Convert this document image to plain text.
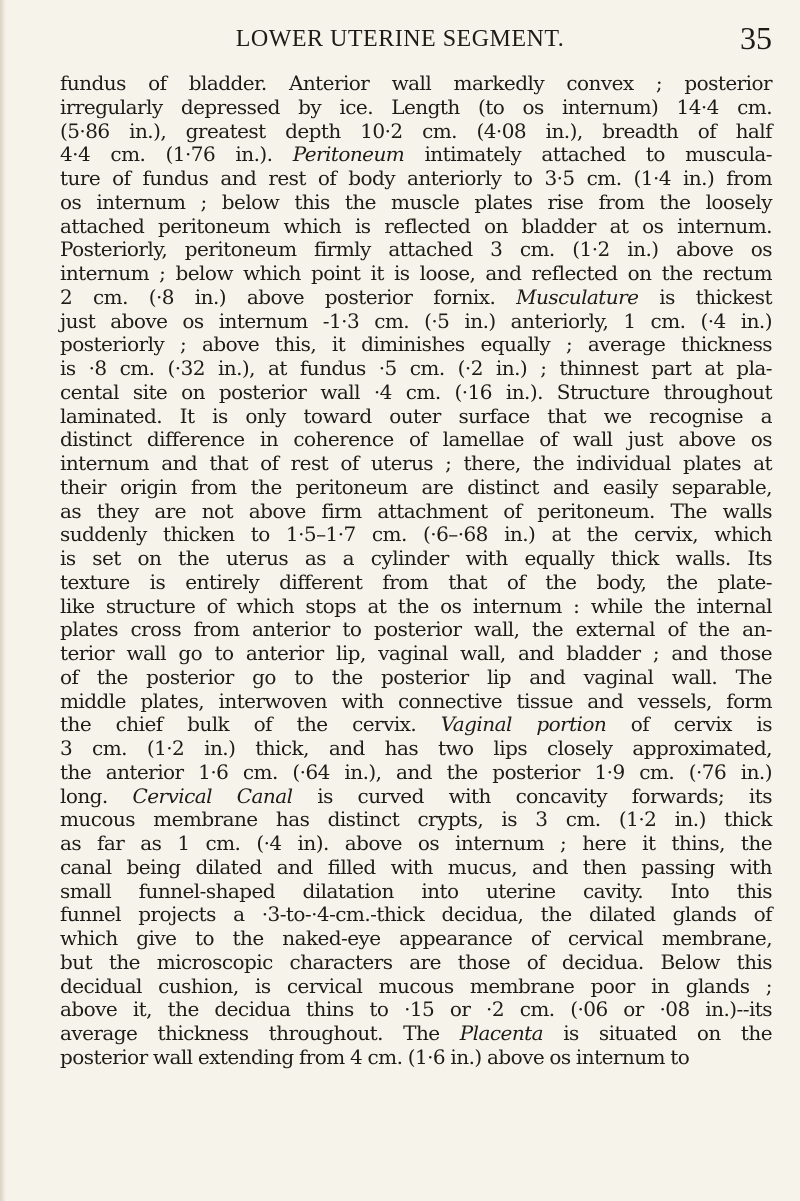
LOWER UTERINE SEGMENT.	35
fundus of bladder. Anterior wall markedly convex ; posterior
irregularly depressed by ice. Length (to os internum) 14·4 cm.
(5·86 in.), greatest depth 10·2 cm. (4·08 in.), breadth of half
4·4 cm. (1·76 in.). Peritoneum intimately attached to muscula-
ture of fundus and rest of body anteriorly to 3·5 cm. (1·4 in.) from
os internum ; below this the muscle plates rise from the loosely
attached peritoneum which is reflected on bladder at os internum.
Posteriorly, peritoneum firmly attached 3 cm. (1·2 in.) above os
internum ; below which point it is loose, and reflected on the rectum
2 cm. (·8 in.) above posterior fornix. Musculature is thickest
just above os internum -1·3 cm. (·5 in.) anteriorly, 1 cm. (·4 in.)
posteriorly ; above this, it diminishes equally ; average thickness
is ·8 cm. (·32 in.), at fundus ·5 cm. (·2 in.) ; thinnest part at pla-
cental site on posterior wall ·4 cm. (·16 in.). Structure throughout
laminated. It is only toward outer surface that we recognise a
distinct difference in coherence of lamellae of wall just above os
internum and that of rest of uterus ; there, the individual plates at
their origin from the peritoneum are distinct and easily separable,
as they are not above firm attachment of peritoneum. The walls
suddenly thicken to 1·5–1·7 cm. (·6–·68 in.) at the cervix, which
is set on the uterus as a cylinder with equally thick walls. Its
texture is entirely different from that of the body, the plate-
like structure of which stops at the os internum : while the internal
plates cross from anterior to posterior wall, the external of the an-
terior wall go to anterior lip, vaginal wall, and bladder ; and those
of the posterior go to the posterior lip and vaginal wall. The
middle plates, interwoven with connective tissue and vessels, form
the chief bulk of the cervix. Vaginal portion of cervix is
3 cm. (1·2 in.) thick, and has two lips closely approximated,
the anterior 1·6 cm. (·64 in.), and the posterior 1·9 cm. (·76 in.)
long. Cervical Canal is curved with concavity forwards; its
mucous membrane has distinct crypts, is 3 cm. (1·2 in.) thick
as far as 1 cm. (·4 in). above os internum ; here it thins, the
canal being dilated and filled with mucus, and then passing with
small funnel-shaped dilatation into uterine cavity. Into this
funnel projects a ·3-to-·4-cm.-thick decidua, the dilated glands of
which give to the naked-eye appearance of cervical membrane,
but the microscopic characters are those of decidua. Below this
decidual cushion, is cervical mucous membrane poor in glands ;
above it, the decidua thins to ·15 or ·2 cm. (·06 or ·08 in.)--its
average thickness throughout. The Placenta is situated on the
posterior wall extending from 4 cm. (1·6 in.) above os internum to
